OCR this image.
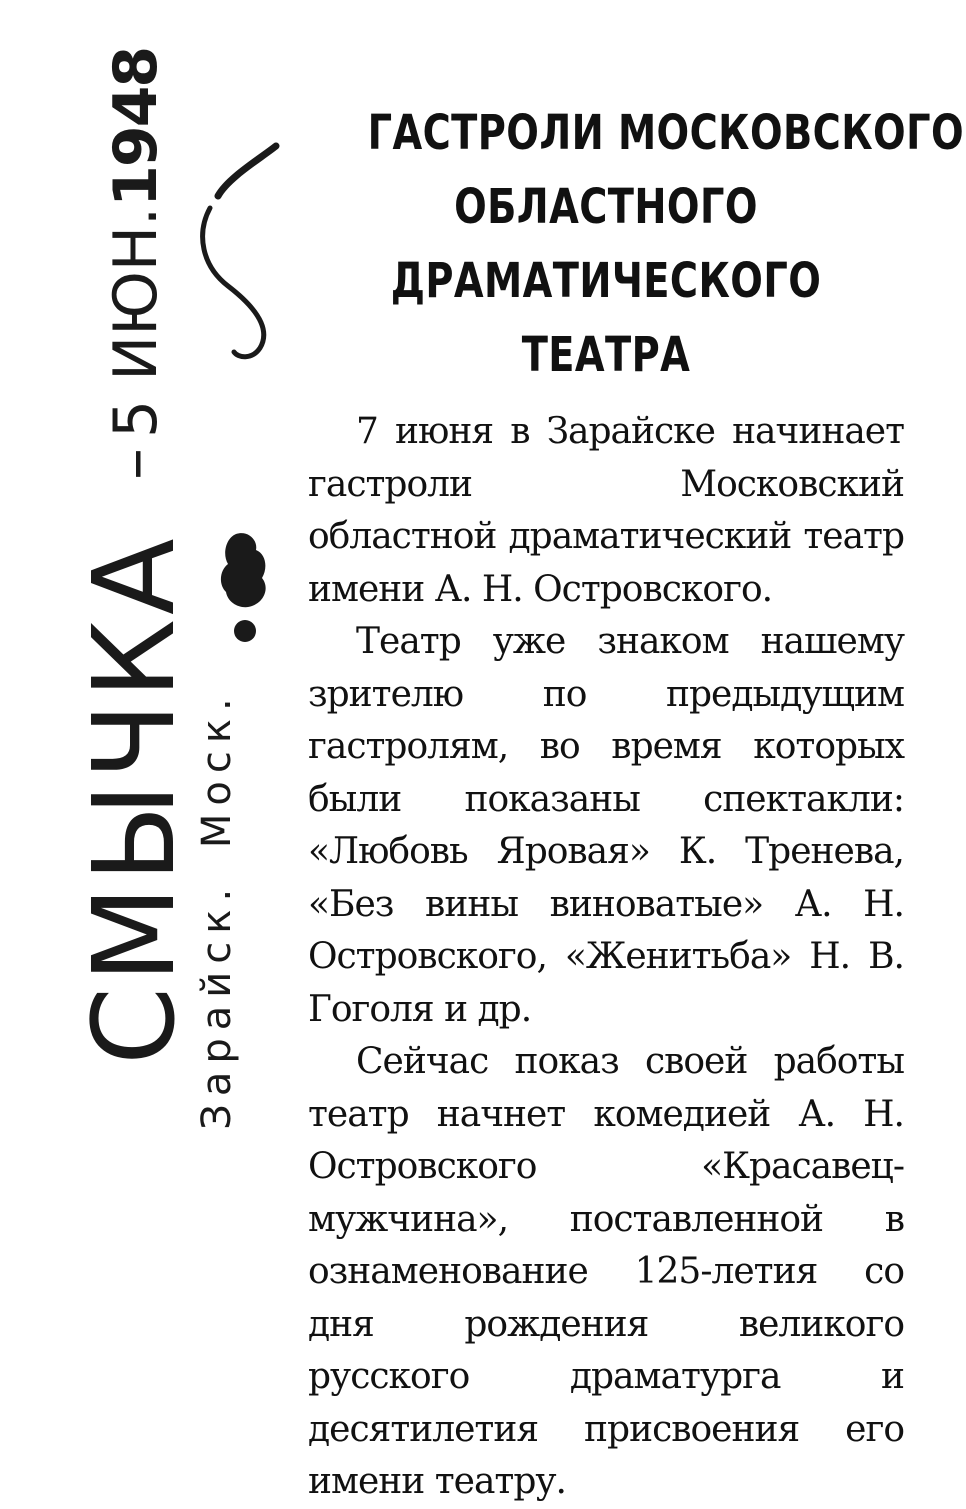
–5 ИЮН.1948
СМЫЧКА
Зарайск. Моск.
ГАСТРОЛИ МОСКОВСКОГО
ОБЛАСТНОГО
ДРАМАТИЧЕСКОГО
ТЕАТРА

7 июня в Зарайске начинает гастроли Московский областной драматический театр имени А. Н. Островского.

Театр уже знаком нашему зрителю по предыдущим гастролям, во время которых были показаны спектакли: «Любовь Яровая» К. Тренева, «Без вины виноватые» А. Н. Островского, «Женитьба» Н. В. Гоголя и др.

Сейчас показ своей работы театр начнет комедией А. Н. Островского «Красавец-мужчина», поставленной в ознаменование 125-летия со дня рождения великого русского драматурга и десятилетия присвоения его имени театру.
